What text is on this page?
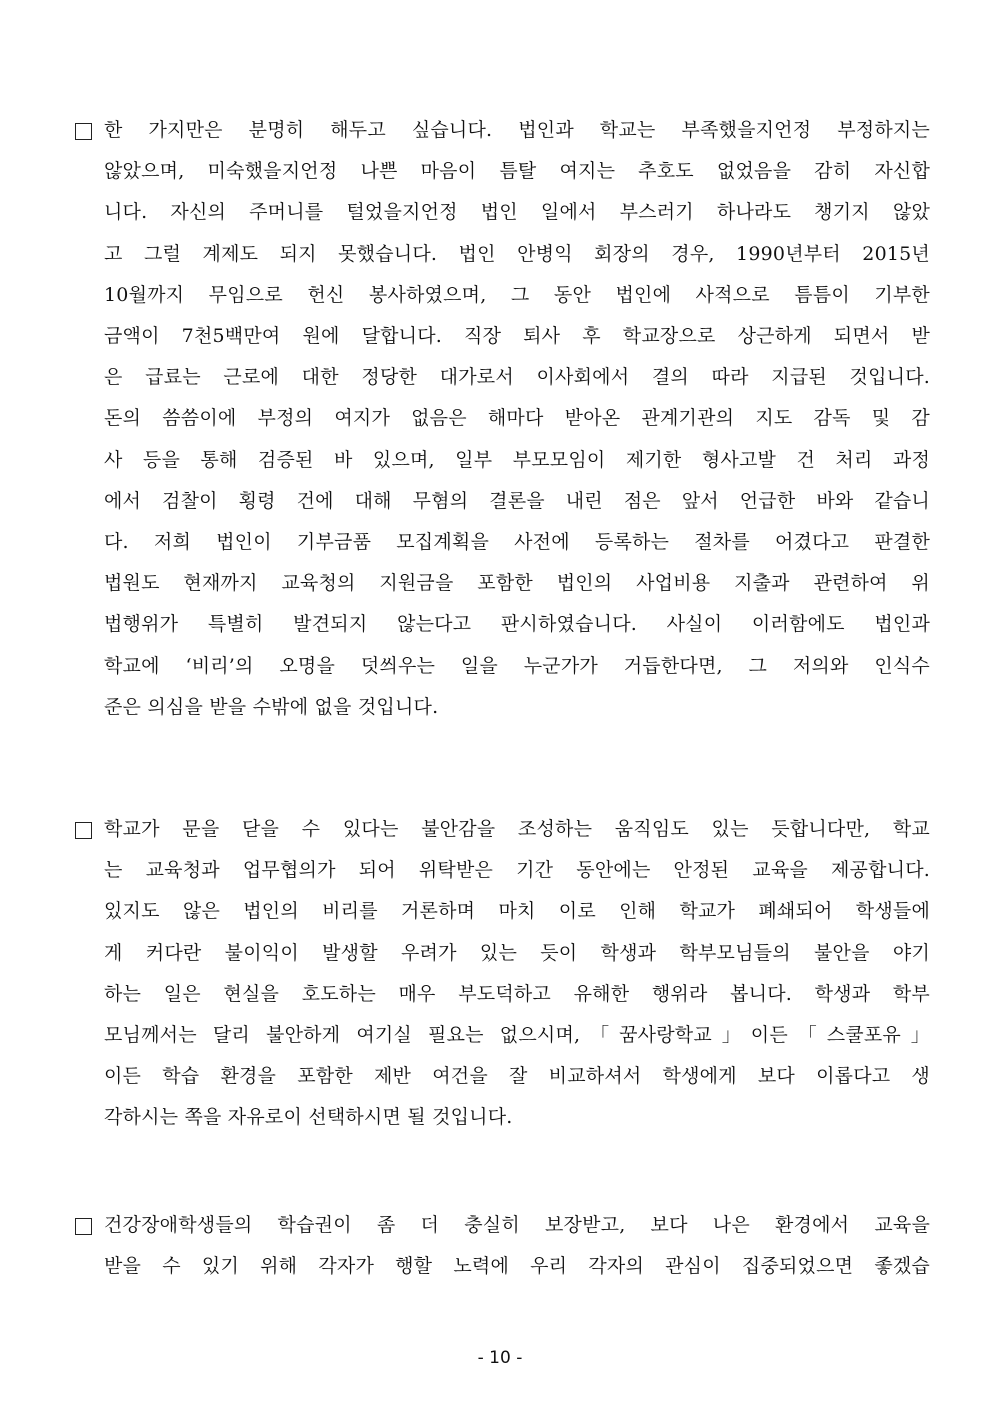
한 가지만은 분명히 해두고 싶습니다. 법인과 학교는 부족했을지언정 부정하지는
않았으며, 미숙했을지언정 나쁜 마음이 틈탈 여지는 추호도 없었음을 감히 자신합
니다. 자신의 주머니를 털었을지언정 법인 일에서 부스러기 하나라도 챙기지 않았
고 그럴 계제도 되지 못했습니다. 법인 안병익 회장의 경우, 1990년부터 2015년
10월까지 무임으로 헌신 봉사하였으며, 그 동안 법인에 사적으로 틈틈이 기부한
금액이 7천5백만여 원에 달합니다. 직장 퇴사 후 학교장으로 상근하게 되면서 받
은 급료는 근로에 대한 정당한 대가로서 이사회에서 결의 따라 지급된 것입니다.
돈의 씀씀이에 부정의 여지가 없음은 해마다 받아온 관계기관의 지도 감독 및 감
사 등을 통해 검증된 바 있으며, 일부 부모모임이 제기한 형사고발 건 처리 과정
에서 검찰이 횡령 건에 대해 무혐의 결론을 내린 점은 앞서 언급한 바와 같습니
다. 저희 법인이 기부금품 모집계획을 사전에 등록하는 절차를 어겼다고 판결한
법원도 현재까지 교육청의 지원금을 포함한 법인의 사업비용 지출과 관련하여 위
법행위가 특별히 발견되지 않는다고 판시하였습니다. 사실이 이러함에도 법인과
학교에 ‘비리’의 오명을 덧씌우는 일을 누군가가 거듭한다면, 그 저의와 인식수
준은 의심을 받을 수밖에 없을 것입니다.
학교가 문을 닫을 수 있다는 불안감을 조성하는 움직임도 있는 듯합니다만, 학교
는 교육청과 업무협의가 되어 위탁받은 기간 동안에는 안정된 교육을 제공합니다.
있지도 않은 법인의 비리를 거론하며 마치 이로 인해 학교가 폐쇄되어 학생들에
게 커다란 불이익이 발생할 우려가 있는 듯이 학생과 학부모님들의 불안을 야기
하는 일은 현실을 호도하는 매우 부도덕하고 유해한 행위라 봅니다. 학생과 학부
모님께서는 달리 불안하게 여기실 필요는 없으시며,「꿈사랑학교」이든「스쿨포유」
이든 학습 환경을 포함한 제반 여건을 잘 비교하셔서 학생에게 보다 이롭다고 생
각하시는 쪽을 자유로이 선택하시면 될 것입니다.
건강장애학생들의 학습권이 좀 더 충실히 보장받고, 보다 나은 환경에서 교육을
받을 수 있기 위해 각자가 행할 노력에 우리 각자의 관심이 집중되었으면 좋겠습
- 10 -
